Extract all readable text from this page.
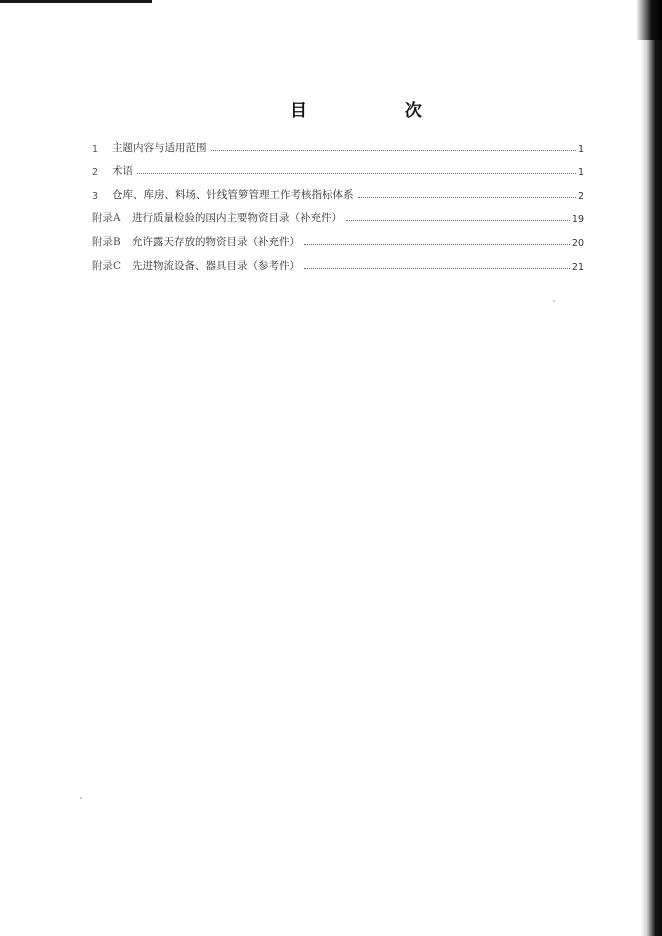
目 次
1	主题内容与适用范围	1
2	术语	1
3	仓库、库房、料场、针线管箩管理工作考核指标体系	2
附录A	进行质量检验的国内主要物资目录（补充件）	19
附录B	允许露天存放的物资目录（补充件）	20
附录C	先进物流设备、器具目录（参考件）	21
